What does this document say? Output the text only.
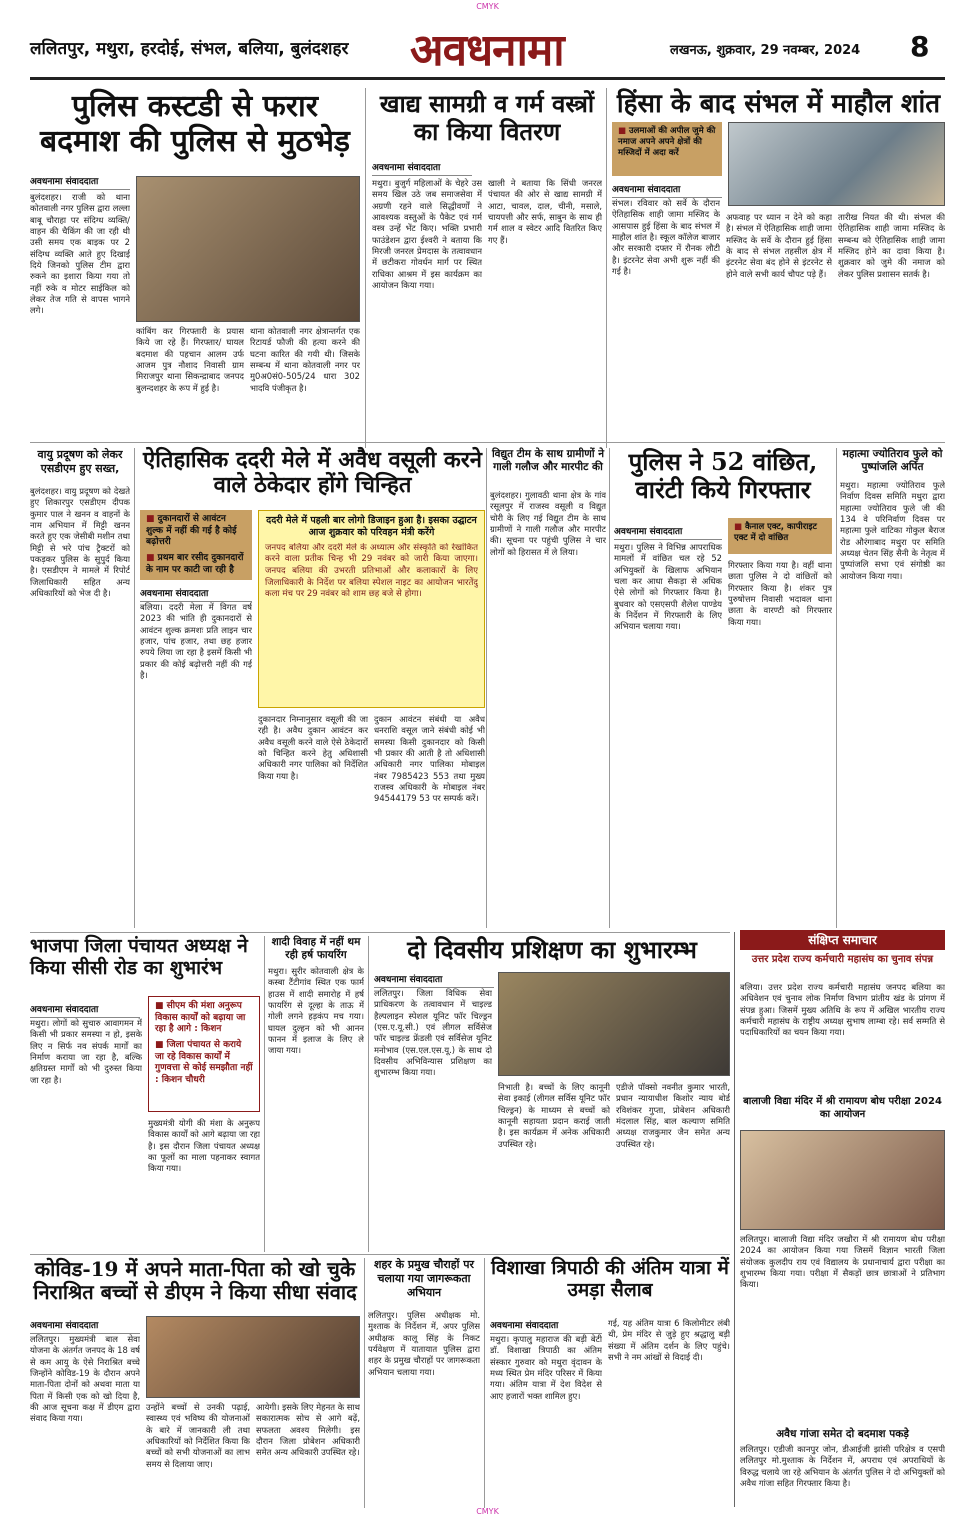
CMYK
ललितपुर, मथुरा, हरदोई, संभल, बलिया, बुलंदशहर अवधनामा	लखनऊ, शुक्रवार, 29 नवम्बर, 2024 8
पुलिस कस्टडी से फरार बदमाश की पुलिस से मुठभेड़
अवधनामा संवाददाता
बुलंदशहर। राजी को थाना कोतवाली नगर पुलिस द्वारा लल्ला बाबू चौराहा पर संदिग्ध व्यक्ति/वाहन की चैकिंग की जा रही थी उसी समय एक बाइक पर 2 संदिग्ध व्यक्ति आते हुए दिखाई दिये जिनको पुलिस टीम द्वारा रुकने का इशारा किया गया तो नहीं रुके व मोटर साईकिल को लेकर तेज गति से वापस भागने लगे।
कांबिंग कर गिरफ्तारी के प्रयास किये जा रहे हैं। गिरफ्तार/ घायल बदमाश की पहचान आलम उर्फ आजम पुत्र नौशाद निवासी ग्राम मिराजपुर थाना सिकन्द्राबाद जनपद बुलन्दशहर के रूप में हुई है।
थाना कोतवाली नगर क्षेत्रान्तर्गत एक रिटायर्ड फौजी की हत्या करने की घटना कारित की गयी थी। जिसके सम्बन्ध में थाना कोतवाली नगर पर मु0अ0सं0-505/24 धारा 302 भादवि पंजीकृत है।
खाद्य सामग्री व गर्म वस्त्रों का किया वितरण
अवधनामा संवाददाता
मथुरा। बुजुर्ग महिलाओं के चेहरे उस समय खिल उठे जब समाजसेवा में अग्रणी रहने वाले सिद्धीवर्णों ने आवश्यक वस्तुओं के पैकेट एवं गर्म वस्त्र उन्हें भेंट किए। भक्ति प्रभारी फाउंडेशन द्वारा ईश्वरी ने बताया कि मिरजी जनरल प्रेमदास के तत्वावधान में छटीकरा गोवर्धन मार्ग पर स्थित राधिका आश्रम में इस कार्यक्रम का आयोजन किया गया।
खाली ने बताया कि सिंधी जनरल पंचायत की ओर से खाद्य सामग्री में आटा, चावल, दाल, चीनी, मसाले, चायपत्ती और सर्फ, साबुन के साथ ही गर्म शाल व स्वेटर आदि वितरित किए गए हैं।
हिंसा के बाद संभल में माहौल शांत
■ उलमाओं की अपील जुमे की नमाज अपने अपने क्षेत्रों की मस्जिदों में अदा करें
अवधनामा संवाददाता
संभल। रविवार को सर्वे के दौरान ऐतिहासिक शाही जामा मस्जिद के आसपास हुई हिंसा के बाद संभल में माहौल शांत है। स्कूल कॉलेज बाजार और सरकारी दफ्तर में रौनक लौटी है। इंटरनेट सेवा अभी शुरू नहीं की गई है।
अफवाह पर ध्यान न देने को कहा है। संभल में ऐतिहासिक शाही जामा मस्जिद के सर्वे के दौरान हुई हिंसा के बाद से संभल तहसील क्षेत्र में इंटरनेट सेवा बंद होने से इंटरनेट से होने वाले सभी कार्य चौपट पड़े हैं।
तारीख नियत की थी। संभल की ऐतिहासिक शाही जामा मस्जिद के सम्बन्ध को ऐतिहासिक शाही जामा मस्जिद होने का दावा किया है। शुक्रवार को जुमे की नमाज को लेकर पुलिस प्रशासन सतर्क है।
वायु प्रदूषण को लेकर एसडीएम हुए सख्त,
बुलंदशहर। वायु प्रदूषण को देखते हुए शिकारपुर एसडीएम दीपक कुमार पाल ने खनन व वाहनों के नाम अभियान में मिट्टी खनन करते हुए एक जेसीबी मशीन तथा मिट्टी से भरे पांच ट्रैक्टरों को पकड़कर पुलिस के सुपुर्द किया है। एसडीएम ने मामले में रिपोर्ट जिलाधिकारी सहित अन्य अधिकारियों को भेज दी है।
ऐतिहासिक ददरी मेले में अवैध वसूली करने वाले ठेकेदार होंगे चिन्हित
■ दुकानदारों से आवंटन शुल्क में नहीं की गई है कोई बढ़ोत्तरी
■ प्रथम बार रसीद दुकानदारों के नाम पर काटी जा रही है
ददरी मेले में पहली बार लोगो डिजाइन हुआ है। इसका उद्घाटन आज शुक्रवार को परिवहन मंत्री करेंगे
जनपद बलिया और ददरी मेले के अध्यात्म और संस्कृति को रेखांकित करने वाला प्रतीक चिन्ह भी 29 नवंबर को जारी किया जाएगा। जनपद बलिया की उभरती प्रतिभाओं और कलाकारों के लिए जिलाधिकारी के निर्देश पर बलिया स्पेशल नाइट का आयोजन भारतेंदु कला मंच पर 29 नवंबर को शाम छह बजे से होगा।
अवधनामा संवाददाता
बलिया। ददरी मेला में विगत वर्ष 2023 की भांति ही दुकानदारों से आवंटन शुल्क क्रमशः प्रति लाइन चार हजार, पांच हजार, तथा छह हजार रुपये लिया जा रहा है इसमें किसी भी प्रकार की कोई बढ़ोत्तरी नहीं की गई है।
दुकानदार निम्नानुसार वसूली की जा रही है। अवैध दुकान आवंटन कर अवैध वसूली करने वाले ऐसे ठेकेदारों को चिन्हित करने हेतु अधिशासी अधिकारी नगर पालिका को निर्देशित किया गया है।
दुकान आवंटन संबंधी या अवैध धनराशि वसूल जाने संबंधी कोई भी समस्या किसी दुकानदार को किसी भी प्रकार की आती है तो अधिशासी अधिकारी नगर पालिका मोबाइल नंबर 7985423 553 तथा मुख्य राजस्व अधिकारी के मोबाइल नंबर 94544179 53 पर सम्पर्क करें।
विद्युत टीम के साथ ग्रामीणों ने गाली गलौज और मारपीट की
बुलंदशहर। गुलावठी थाना क्षेत्र के गांव रसूलपुर में राजस्व वसूली व विद्युत चोरी के लिए गई विद्युत टीम के साथ ग्रामीणों ने गाली गलौज और मारपीट की। सूचना पर पहुंची पुलिस ने चार लोगों को हिरासत में ले लिया।
पुलिस ने 52 वांछित, वारंटी किये गिरफ्तार
अवधनामा संवाददाता
■	कैनाल एक्ट, कापीराइट एक्ट में दो वांछित
मथुरा। पुलिस ने विभिन्न आपराधिक मामलों में वांछित चल रहे 52 अभियुक्तों के खिलाफ अभियान चला कर आधा सैकड़ा से अधिक ऐसे लोगों को गिरफ्तार किया है। बुधवार को एसएसपी शैलेश पाण्डेय के निर्देशन में गिरफ्तारी के लिए अभियान चलाया गया।
गिरफ्तार किया गया है। वहीं थाना छाता पुलिस ने दो वांछितों को गिरफ्तार किया है। शंकर पुत्र पुरुषोत्तम निवासी भदावल थाना छाता के वारण्टी को गिरफ्तार किया गया।
महात्मा ज्योतिराव फुले को पुष्पांजलि अर्पित
मथुरा। महात्मा ज्योतिराव फुले निर्वाण दिवस समिति मथुरा द्वारा महात्मा ज्योतिराव फुले जी की 134 वे परिनिर्वाण दिवस पर महात्मा फुले वाटिका गोकुल बैराज रोड औरंगाबाद मथुरा पर समिति अध्यक्ष चेतन सिंह सैनी के नेतृत्व में पुष्पांजलि सभा एवं संगोष्ठी का आयोजन किया गया।
भाजपा जिला पंचायत अध्यक्ष ने किया सीसी रोड का शुभारंभ
■ सीएम की मंशा अनुरूप विकास कार्यों को बढ़ाया जा रहा है आगे : किशन
■ जिला पंचायत से कराये जा रहे विकास कार्यों में गुणवत्ता से कोई समझौता नहीं : किशन चौधरी
अवधनामा संवाददाता
मथुरा। लोगों को सुचारु आवागमन में किसी भी प्रकार समस्या न हो, इसके लिए न सिर्फ नव संपर्क मार्गों का निर्माण कराया जा रहा है, बल्कि क्षतिग्रस्त मार्गों को भी दुरुस्त किया जा रहा है।
मुख्यमंत्री योगी की मंशा के अनुरूप विकास कार्यों को आगे बढ़ाया जा रहा है। इस दौरान जिला पंचायत अध्यक्ष का फूलों का माला पहनाकर स्वागत किया गया।
शादी विवाह में नहीं थम रही हर्ष फायरिंग
मथुरा। सुरीर कोतवाली क्षेत्र के कस्बा टैंटीगांव स्थित एक फार्म हाउस में शादी समारोह में हर्ष फायरिंग से दूल्हा के ताऊ में गोली लगने हड़कंप मच गया। घायल दुल्हन को भी आनन फानन में इलाज के लिए ले जाया गया।
दो दिवसीय प्रशिक्षण का शुभारम्भ
अवधनामा संवाददाता
ललितपुर। जिला विधिक सेवा प्राधिकरण के तत्वावधान में चाइल्ड हैल्पलाइन स्पेशल यूनिट फॉर चिल्ड्रन (एस.ए.यू.सी.) एवं लीगल सर्विसेज फॉर चाइल्ड फ्रेंडली एवं सर्विसेज यूनिट मनोभाव (एस.एल.एस.यू.) के साथ दो दिवसीय अभिविन्यास प्रशिक्षण का शुभारम्भ किया गया।
निभाती है। बच्चों के लिए कानूनी सेवा इकाई (लीगल सर्विस यूनिट फॉर चिल्ड्रन) के माध्यम से बच्चों को कानूनी सहायता प्रदान कराई जाती है। इस कार्यक्रम में अनेक अधिकारी उपस्थित रहे।
एडीजे पॉक्सो नवनीत कुमार भारती, प्रधान न्यायाधीश किशोर न्याय बोर्ड रविशंकर गुप्ता, प्रोबेशन अधिकारी मंदलाल सिंह, बाल कल्याण समिति अध्यक्ष राजकुमार जैन समेत अन्य उपस्थित रहे।
संक्षिप्त समाचार
उत्तर प्रदेश राज्य कर्मचारी महासंघ का चुनाव संपन्न
बलिया। उत्तर प्रदेश राज्य कर्मचारी महासंघ जनपद बलिया का अधिवेशन एवं चुनाव लोक निर्माण विभाग प्रांतीय खंड के प्रांगण में संपन्न हुआ। जिसमें मुख्य अतिथि के रूप में अखिल भारतीय राज्य कर्मचारी महासंघ के राष्ट्रीय अध्यक्ष सुभाष लाम्बा रहे। सर्व सम्मति से पदाधिकारियों का चयन किया गया।
बालाजी विद्या मंदिर में श्री रामायण बोध परीक्षा 2024 का आयोजन
ललितपुर। बालाजी विद्या मंदिर जखौरा में श्री रामायण बोध परीक्षा 2024 का आयोजन किया गया जिसमें विज्ञान भारती जिला संयोजक कुलदीप राय एवं विद्यालय के प्रधानाचार्य द्वारा परीक्षा का शुभारम्भ किया गया। परीक्षा में सैकड़ों छात्र छात्राओं ने प्रतिभाग किया।
अवैध गांजा समेत दो बदमाश पकड़े
ललितपुर। एडीजी कानपुर जोन, डीआईजी झांसी परिक्षेत्र व एसपी ललितपुर मो.मुश्ताक के निर्देशन में, अपराध एवं अपराधियों के विरुद्ध चलाये जा रहे अभियान के अंतर्गत पुलिस ने दो अभियुक्तों को अवैध गांजा सहित गिरफ्तार किया है।
कोविड-19 में अपने माता-पिता को खो चुके निराश्रित बच्चों से डीएम ने किया सीधा संवाद
अवधनामा संवाददाता
ललितपुर। मुख्यमंत्री बाल सेवा योजना के अंतर्गत जनपद के 18 वर्ष से कम आयु के ऐसे निराश्रित बच्चे जिन्होंने कोविड-19 के दौरान अपने माता-पिता दोनों को अथवा माता या पिता में किसी एक को खो दिया है, की आज सूचना कक्ष में डीएम द्वारा संवाद किया गया।
उन्होंने बच्चों से उनकी पढ़ाई, स्वास्थ्य एवं भविष्य की योजनाओं के बारे में जानकारी ली तथा अधिकारियों को निर्देशित किया कि बच्चों को सभी योजनाओं का लाभ समय से दिलाया जाए।
आयेगी। इसके लिए मेहनत के साथ सकारात्मक सोच से आगे बढ़ें, सफलता अवश्य मिलेगी। इस दौरान जिला प्रोबेशन अधिकारी समेत अन्य अधिकारी उपस्थित रहे।
शहर के प्रमुख चौराहों पर चलाया गया जागरूकता अभियान
ललितपुर। पुलिस अधीक्षक मो. मुश्ताक के निर्देशन में, अपर पुलिस अधीक्षक कालू सिंह के निकट पर्यवेक्षण में यातायात पुलिस द्वारा शहर के प्रमुख चौराहों पर जागरूकता अभियान चलाया गया।
विशाखा त्रिपाठी की अंतिम यात्रा में उमड़ा सैलाब
अवधनामा संवाददाता
मथुरा। कृपालु महाराज की बड़ी बेटी डॉ. विशाखा त्रिपाठी का अंतिम संस्कार गुरुवार को मथुरा वृंदावन के मध्य स्थित प्रेम मंदिर परिसर में किया गया। अंतिम यात्रा में देश विदेश से आए हजारों भक्त शामिल हुए।
गई, यह अंतिम यात्रा 6 किलोमीटर लंबी थी, प्रेम मंदिर से जुड़े हुए श्रद्धालु बड़ी संख्या में अंतिम दर्शन के लिए पहुंचे। सभी ने नम आंखों से विदाई दी।
CMYK
